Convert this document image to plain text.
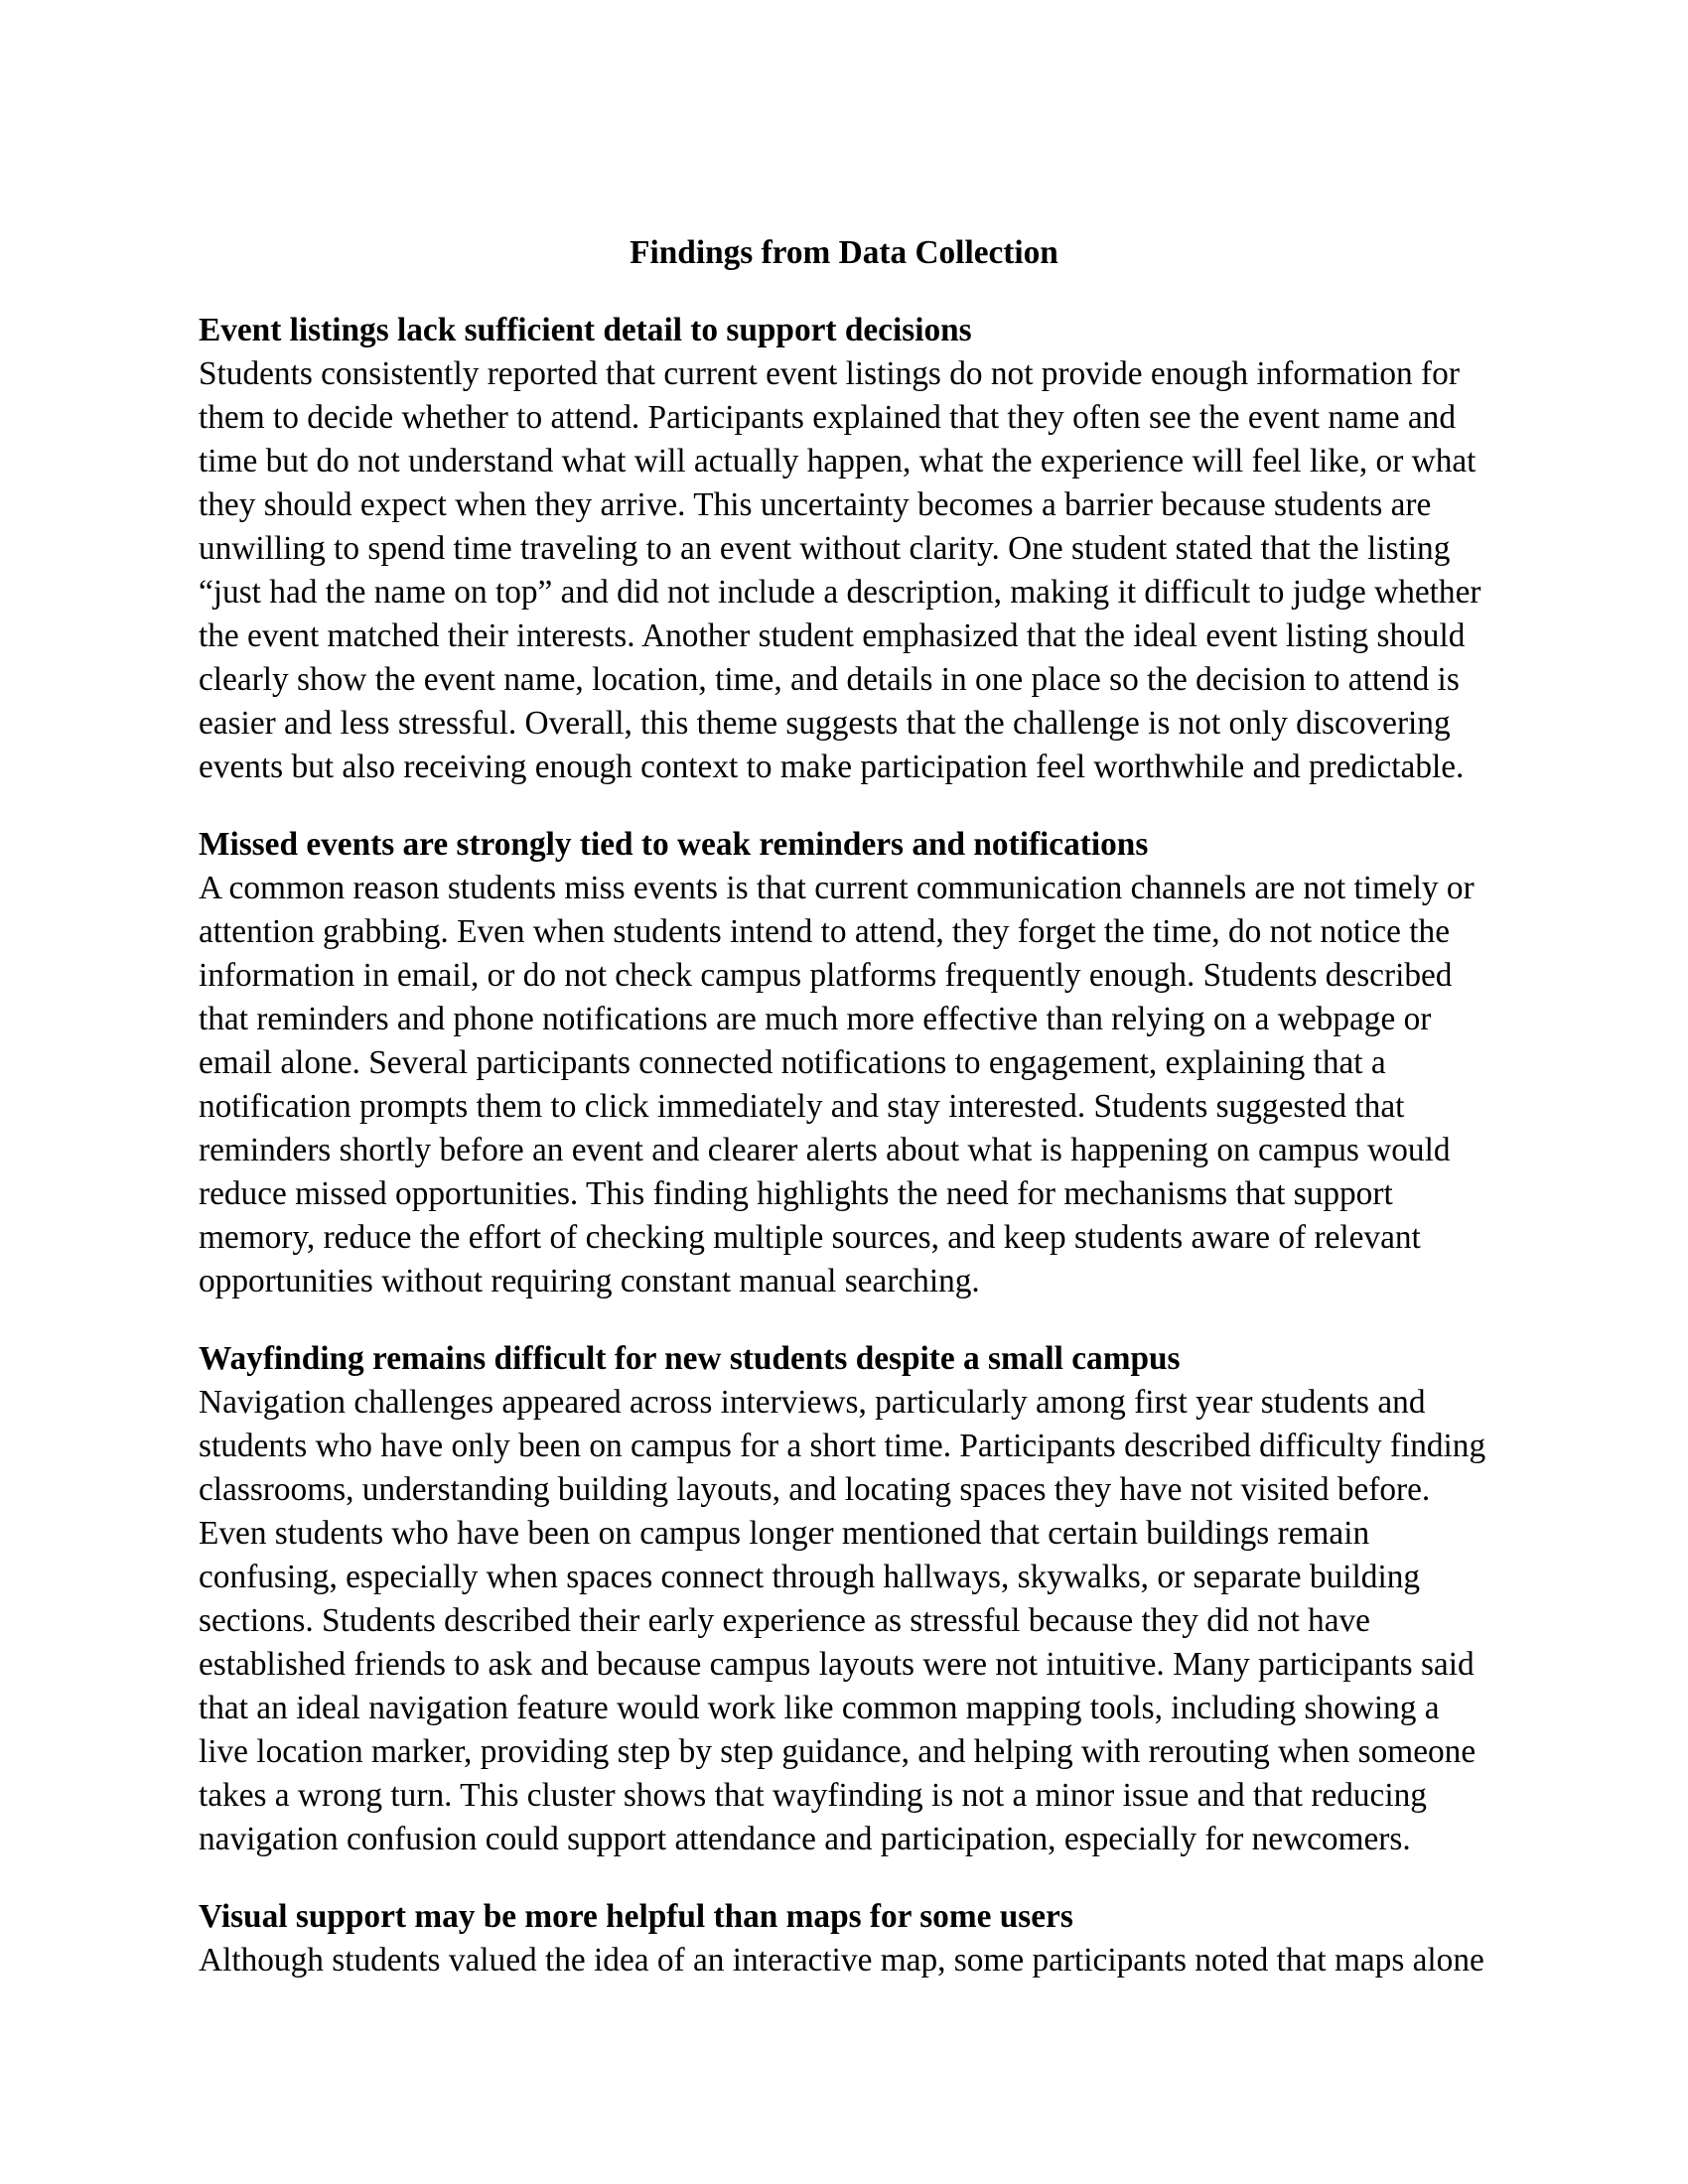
Findings from Data Collection
Event listings lack sufficient detail to support decisions
Students consistently reported that current event listings do not provide enough information for
them to decide whether to attend. Participants explained that they often see the event name and
time but do not understand what will actually happen, what the experience will feel like, or what
they should expect when they arrive. This uncertainty becomes a barrier because students are
unwilling to spend time traveling to an event without clarity. One student stated that the listing
“just had the name on top” and did not include a description, making it difficult to judge whether
the event matched their interests. Another student emphasized that the ideal event listing should
clearly show the event name, location, time, and details in one place so the decision to attend is
easier and less stressful. Overall, this theme suggests that the challenge is not only discovering
events but also receiving enough context to make participation feel worthwhile and predictable.
Missed events are strongly tied to weak reminders and notifications
A common reason students miss events is that current communication channels are not timely or
attention grabbing. Even when students intend to attend, they forget the time, do not notice the
information in email, or do not check campus platforms frequently enough. Students described
that reminders and phone notifications are much more effective than relying on a webpage or
email alone. Several participants connected notifications to engagement, explaining that a
notification prompts them to click immediately and stay interested. Students suggested that
reminders shortly before an event and clearer alerts about what is happening on campus would
reduce missed opportunities. This finding highlights the need for mechanisms that support
memory, reduce the effort of checking multiple sources, and keep students aware of relevant
opportunities without requiring constant manual searching.
Wayfinding remains difficult for new students despite a small campus
Navigation challenges appeared across interviews, particularly among first year students and
students who have only been on campus for a short time. Participants described difficulty finding
classrooms, understanding building layouts, and locating spaces they have not visited before.
Even students who have been on campus longer mentioned that certain buildings remain
confusing, especially when spaces connect through hallways, skywalks, or separate building
sections. Students described their early experience as stressful because they did not have
established friends to ask and because campus layouts were not intuitive. Many participants said
that an ideal navigation feature would work like common mapping tools, including showing a
live location marker, providing step by step guidance, and helping with rerouting when someone
takes a wrong turn. This cluster shows that wayfinding is not a minor issue and that reducing
navigation confusion could support attendance and participation, especially for newcomers.
Visual support may be more helpful than maps for some users
Although students valued the idea of an interactive map, some participants noted that maps alone
